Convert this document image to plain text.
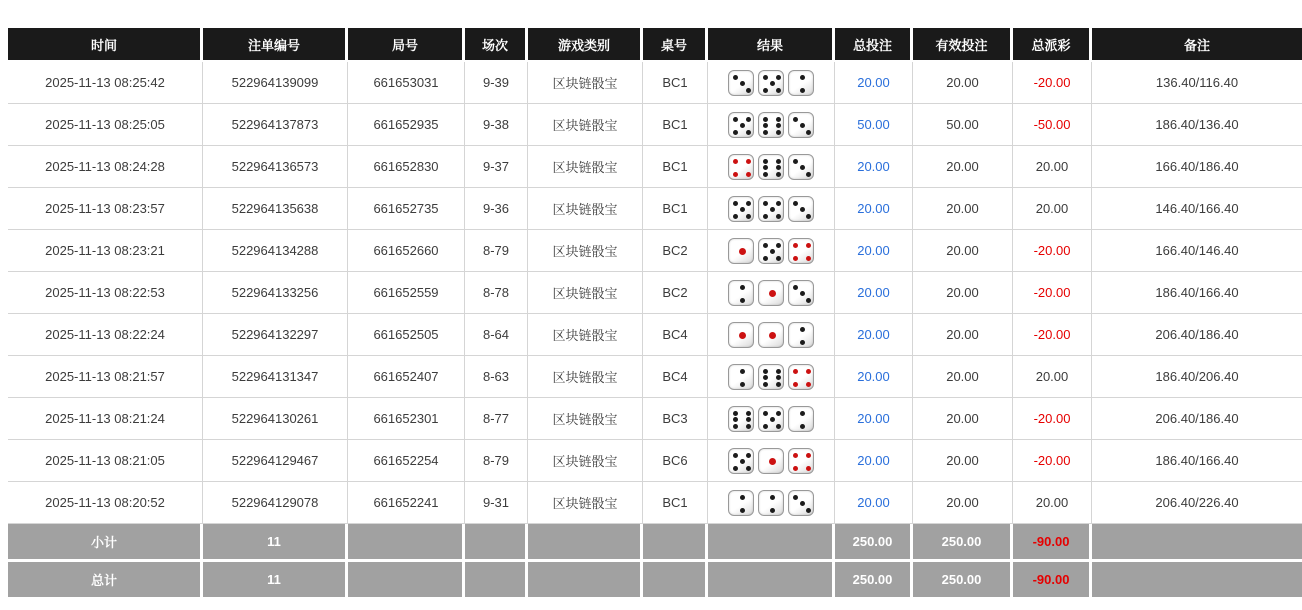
时间	注单编号	局号	场次	游戏类别	桌号	结果	总投注	有效投注	总派彩	备注
2025-11-13 08:25:42	522964139099	661653031	9-39	区块链骰宝	BC1		20.00	20.00	-20.00	136.40/116.40
2025-11-13 08:25:05	522964137873	661652935	9-38	区块链骰宝	BC1		50.00	50.00	-50.00	186.40/136.40
2025-11-13 08:24:28	522964136573	661652830	9-37	区块链骰宝	BC1		20.00	20.00	20.00	166.40/186.40
2025-11-13 08:23:57	522964135638	661652735	9-36	区块链骰宝	BC1		20.00	20.00	20.00	146.40/166.40
2025-11-13 08:23:21	522964134288	661652660	8-79	区块链骰宝	BC2		20.00	20.00	-20.00	166.40/146.40
2025-11-13 08:22:53	522964133256	661652559	8-78	区块链骰宝	BC2		20.00	20.00	-20.00	186.40/166.40
2025-11-13 08:22:24	522964132297	661652505	8-64	区块链骰宝	BC4		20.00	20.00	-20.00	206.40/186.40
2025-11-13 08:21:57	522964131347	661652407	8-63	区块链骰宝	BC4		20.00	20.00	20.00	186.40/206.40
2025-11-13 08:21:24	522964130261	661652301	8-77	区块链骰宝	BC3		20.00	20.00	-20.00	206.40/186.40
2025-11-13 08:21:05	522964129467	661652254	8-79	区块链骰宝	BC6		20.00	20.00	-20.00	186.40/166.40
2025-11-13 08:20:52	522964129078	661652241	9-31	区块链骰宝	BC1		20.00	20.00	20.00	206.40/226.40
小计	11						250.00	250.00	-90.00	
总计	11						250.00	250.00	-90.00	
